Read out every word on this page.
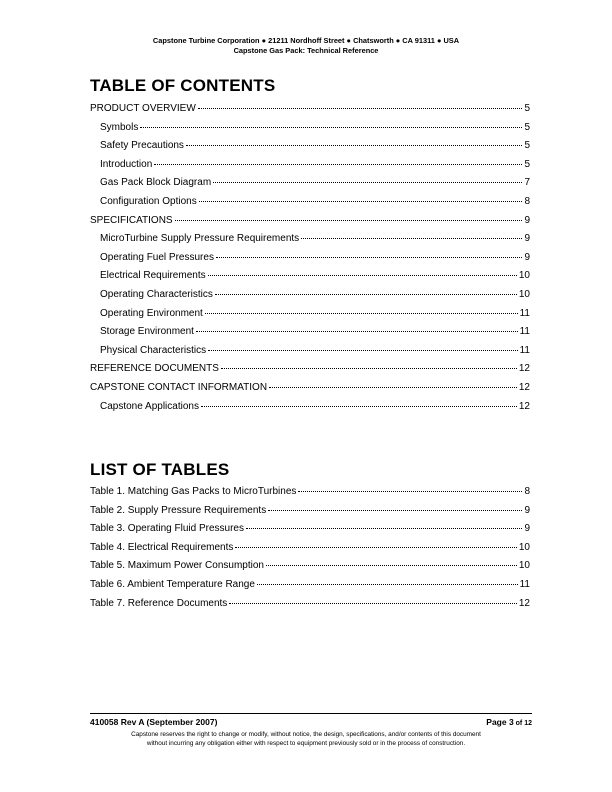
Capstone Turbine Corporation ● 21211 Nordhoff Street ● Chatsworth ● CA 91311 ● USA
Capstone Gas Pack: Technical Reference
TABLE OF CONTENTS
PRODUCT OVERVIEW	5
Symbols	5
Safety Precautions	5
Introduction	5
Gas Pack Block Diagram	7
Configuration Options	8
SPECIFICATIONS	9
MicroTurbine Supply Pressure Requirements	9
Operating Fuel Pressures	9
Electrical Requirements	10
Operating Characteristics	10
Operating Environment	11
Storage Environment	11
Physical Characteristics	11
REFERENCE DOCUMENTS	12
CAPSTONE CONTACT INFORMATION	12
Capstone Applications	12
LIST OF TABLES
Table 1. Matching Gas Packs to MicroTurbines	8
Table 2. Supply Pressure Requirements	9
Table 3. Operating Fluid Pressures	9
Table 4. Electrical Requirements	10
Table 5. Maximum Power Consumption	10
Table 6. Ambient Temperature Range	11
Table 7. Reference Documents	12
410058 Rev A (September 2007)	Page 3 of 12
Capstone reserves the right to change or modify, without notice, the design, specifications, and/or contents of this document
without incurring any obligation either with respect to equipment previously sold or in the process of construction.
